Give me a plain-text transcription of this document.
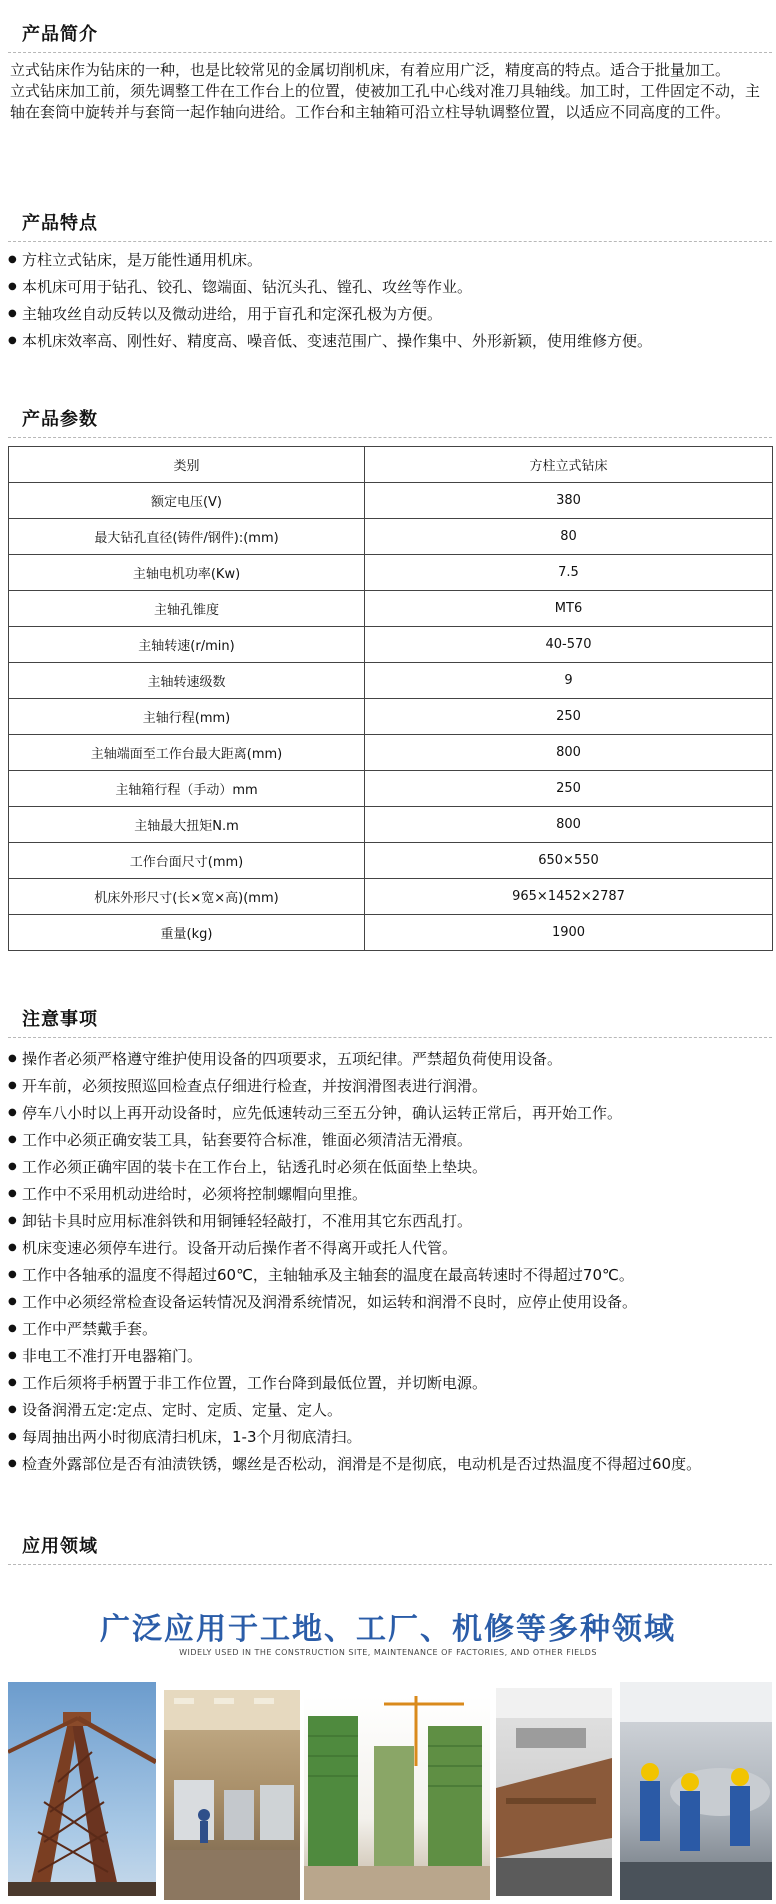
产品简介

立式钻床作为钻床的一种，也是比较常见的金属切削机床，有着应用广泛，精度高的特点。适合于批量加工。

立式钻床加工前，须先调整工件在工作台上的位置，使被加工孔中心线对准刀具轴线。加工时，工件固定不动，主轴在套筒中旋转并与套筒一起作轴向进给。工作台和主轴箱可沿立柱导轨调整位置，以适应不同高度的工件。

产品特点
● 方柱立式钻床，是万能性通用机床。
● 本机床可用于钻孔、铰孔、锪端面、钻沉头孔、镗孔、攻丝等作业。
● 主轴攻丝自动反转以及微动进给，用于盲孔和定深孔极为方便。
● 本机床效率高、刚性好、精度高、噪音低、变速范围广、操作集中、外形新颖，使用维修方便。
产品参数
类别	方柱立式钻床
额定电压(V)	380
最大钻孔直径(铸件/钢件):(mm)	80
主轴电机功率(Kw)	7.5
主轴孔锥度	MT6
主轴转速(r/min)	40-570
主轴转速级数	9
主轴行程(mm)	250
主轴端面至工作台最大距离(mm)	800
主轴箱行程（手动）mm	250
主轴最大扭矩N.m	800
工作台面尺寸(mm)	650×550
机床外形尺寸(长×宽×高)(mm)	965×1452×2787
重量(kg)	1900
注意事项
● 操作者必须严格遵守维护使用设备的四项要求，五项纪律。严禁超负荷使用设备。
● 开车前，必须按照巡回检查点仔细进行检查，并按润滑图表进行润滑。
● 停车八小时以上再开动设备时，应先低速转动三至五分钟，确认运转正常后，再开始工作。
● 工作中必须正确安装工具，钻套要符合标准，锥面必须清洁无滑痕。
● 工作必须正确牢固的装卡在工作台上，钻透孔时必须在低面垫上垫块。
● 工作中不采用机动进给时，必须将控制螺帽向里推。
● 卸钻卡具时应用标准斜铁和用铜锤轻轻敲打，不准用其它东西乱打。
● 机床变速必须停车进行。设备开动后操作者不得离开或托人代管。
● 工作中各轴承的温度不得超过60℃，主轴轴承及主轴套的温度在最高转速时不得超过70℃。
● 工作中必须经常检查设备运转情况及润滑系统情况，如运转和润滑不良时，应停止使用设备。
● 工作中严禁戴手套。
● 非电工不准打开电器箱门。
● 工作后须将手柄置于非工作位置，工作台降到最低位置，并切断电源。
● 设备润滑五定:定点、定时、定质、定量、定人。
● 每周抽出两小时彻底清扫机床，1-3个月彻底清扫。
● 检查外露部位是否有油渍铁锈，螺丝是否松动，润滑是不是彻底，电动机是否过热温度不得超过60度。
应用领域
广泛应用于工地、工厂、机修等多种领域
WIDELY USED IN THE CONSTRUCTION SITE, MAINTENANCE OF FACTORIES, AND OTHER FIELDS
